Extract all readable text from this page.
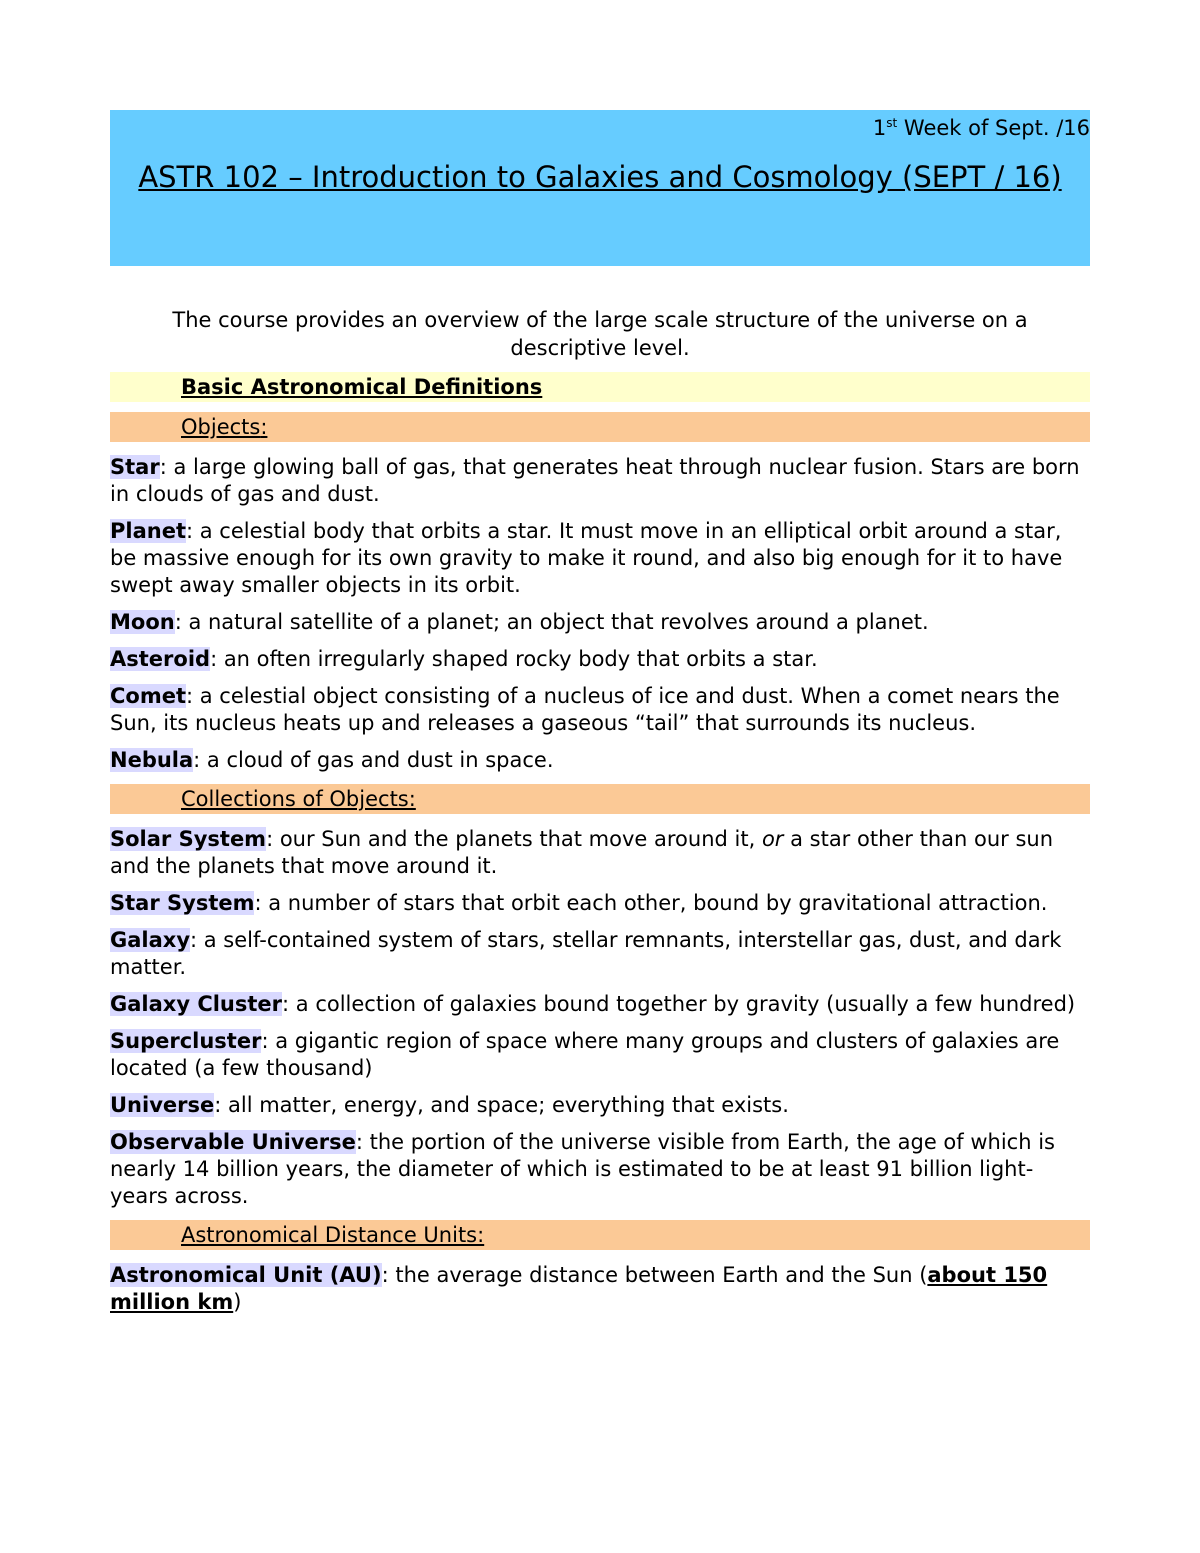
1st Week of Sept. /16
ASTR 102 – Introduction to Galaxies and Cosmology (SEPT / 16)
The course provides an overview of the large scale structure of the universe on a descriptive level.
Basic Astronomical Definitions
Objects:
Star: a large glowing ball of gas, that generates heat through nuclear fusion. Stars are born in clouds of gas and dust.
Planet: a celestial body that orbits a star. It must move in an elliptical orbit around a star, be massive enough for its own gravity to make it round, and also big enough for it to have swept away smaller objects in its orbit.
Moon: a natural satellite of a planet; an object that revolves around a planet.
Asteroid: an often irregularly shaped rocky body that orbits a star.
Comet: a celestial object consisting of a nucleus of ice and dust. When a comet nears the Sun, its nucleus heats up and releases a gaseous “tail” that surrounds its nucleus.
Nebula: a cloud of gas and dust in space.
Collections of Objects:
Solar System: our Sun and the planets that move around it, or a star other than our sun and the planets that move around it.
Star System: a number of stars that orbit each other, bound by gravitational attraction.
Galaxy: a self-contained system of stars, stellar remnants, interstellar gas, dust, and dark matter.
Galaxy Cluster: a collection of galaxies bound together by gravity (usually a few hundred)
Supercluster: a gigantic region of space where many groups and clusters of galaxies are located (a few thousand)
Universe: all matter, energy, and space; everything that exists.
Observable Universe: the portion of the universe visible from Earth, the age of which is nearly 14 billion years, the diameter of which is estimated to be at least 91 billion light-years across.
Astronomical Distance Units:
Astronomical Unit (AU): the average distance between Earth and the Sun (about 150 million km)
